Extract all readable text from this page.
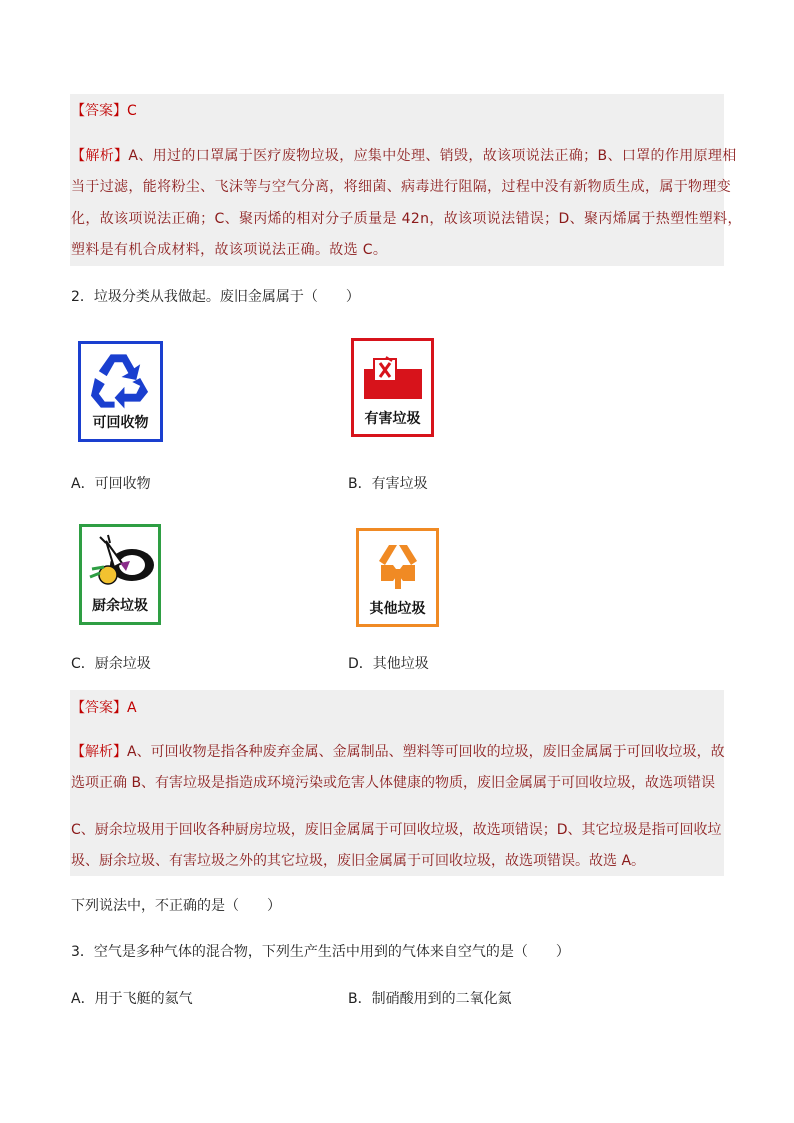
【答案】C
【解析】A、用过的口罩属于医疗废物垃圾，应集中处理、销毁，故该项说法正确；B、口罩的作用原理相
当于过滤，能将粉尘、飞沫等与空气分离，将细菌、病毒进行阻隔，过程中没有新物质生成，属于物理变
化，故该项说法正确；C、聚丙烯的相对分子质量是 42n，故该项说法错误；D、聚丙烯属于热塑性塑料，
塑料是有机合成材料，故该项说法正确。故选 C。
2．垃圾分类从我做起。废旧金属属于（　　）
可回收物	有害垃圾
A．可回收物	B．有害垃圾
厨余垃圾	其他垃圾
C．厨余垃圾	D．其他垃圾
【答案】A
【解析】A、可回收物是指各种废弃金属、金属制品、塑料等可回收的垃圾，废旧金属属于可回收垃圾，故
选项正确 B、有害垃圾是指造成环境污染或危害人体健康的物质，废旧金属属于可回收垃圾，故选项错误
C、厨余垃圾用于回收各种厨房垃圾，废旧金属属于可回收垃圾，故选项错误；D、其它垃圾是指可回收垃
圾、厨余垃圾、有害垃圾之外的其它垃圾，废旧金属属于可回收垃圾，故选项错误。故选 A。
下列说法中，不正确的是（　　）
3．空气是多种气体的混合物，下列生产生活中用到的气体来自空气的是（　　）
A．用于飞艇的氦气	B．制硝酸用到的二氧化氮
